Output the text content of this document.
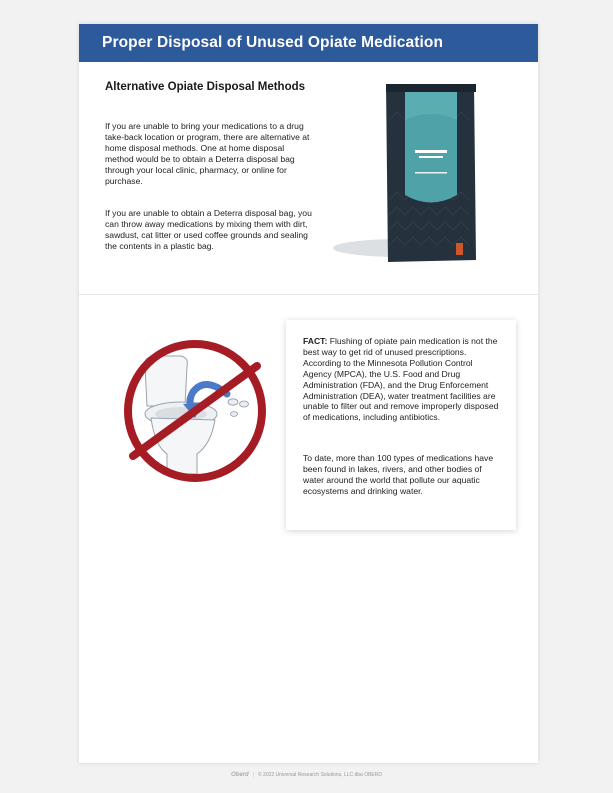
Proper Disposal of Unused Opiate Medication
Alternative Opiate Disposal Methods
If you are unable to bring your medications to a drug take-back location or program, there are alternative at home disposal methods. One at home disposal method would be to obtain a Deterra disposal bag through your local clinic, pharmacy, or online for purchase.
If you are unable to obtain a Deterra disposal bag, you can throw away medications by mixing them with dirt, sawdust, cat litter or used coffee grounds and sealing the contents in a plastic bag.
FACT: Flushing of opiate pain medication is not the best way to get rid of unused prescriptions. According to the Minnesota Pollution Control Agency (MPCA), the U.S. Food and Drug Administration (FDA), and the Drug Enforcement Administration (DEA), water treatment facilities are unable to filter out and remove improperly disposed of medications, including antibiotics.
To date, more than 100 types of medications have been found in lakes, rivers, and other bodies of water around the world that pollute our aquatic ecosystems and drinking water.
Oberd | © 2022 Universal Research Solutions, LLC dba OBERD
